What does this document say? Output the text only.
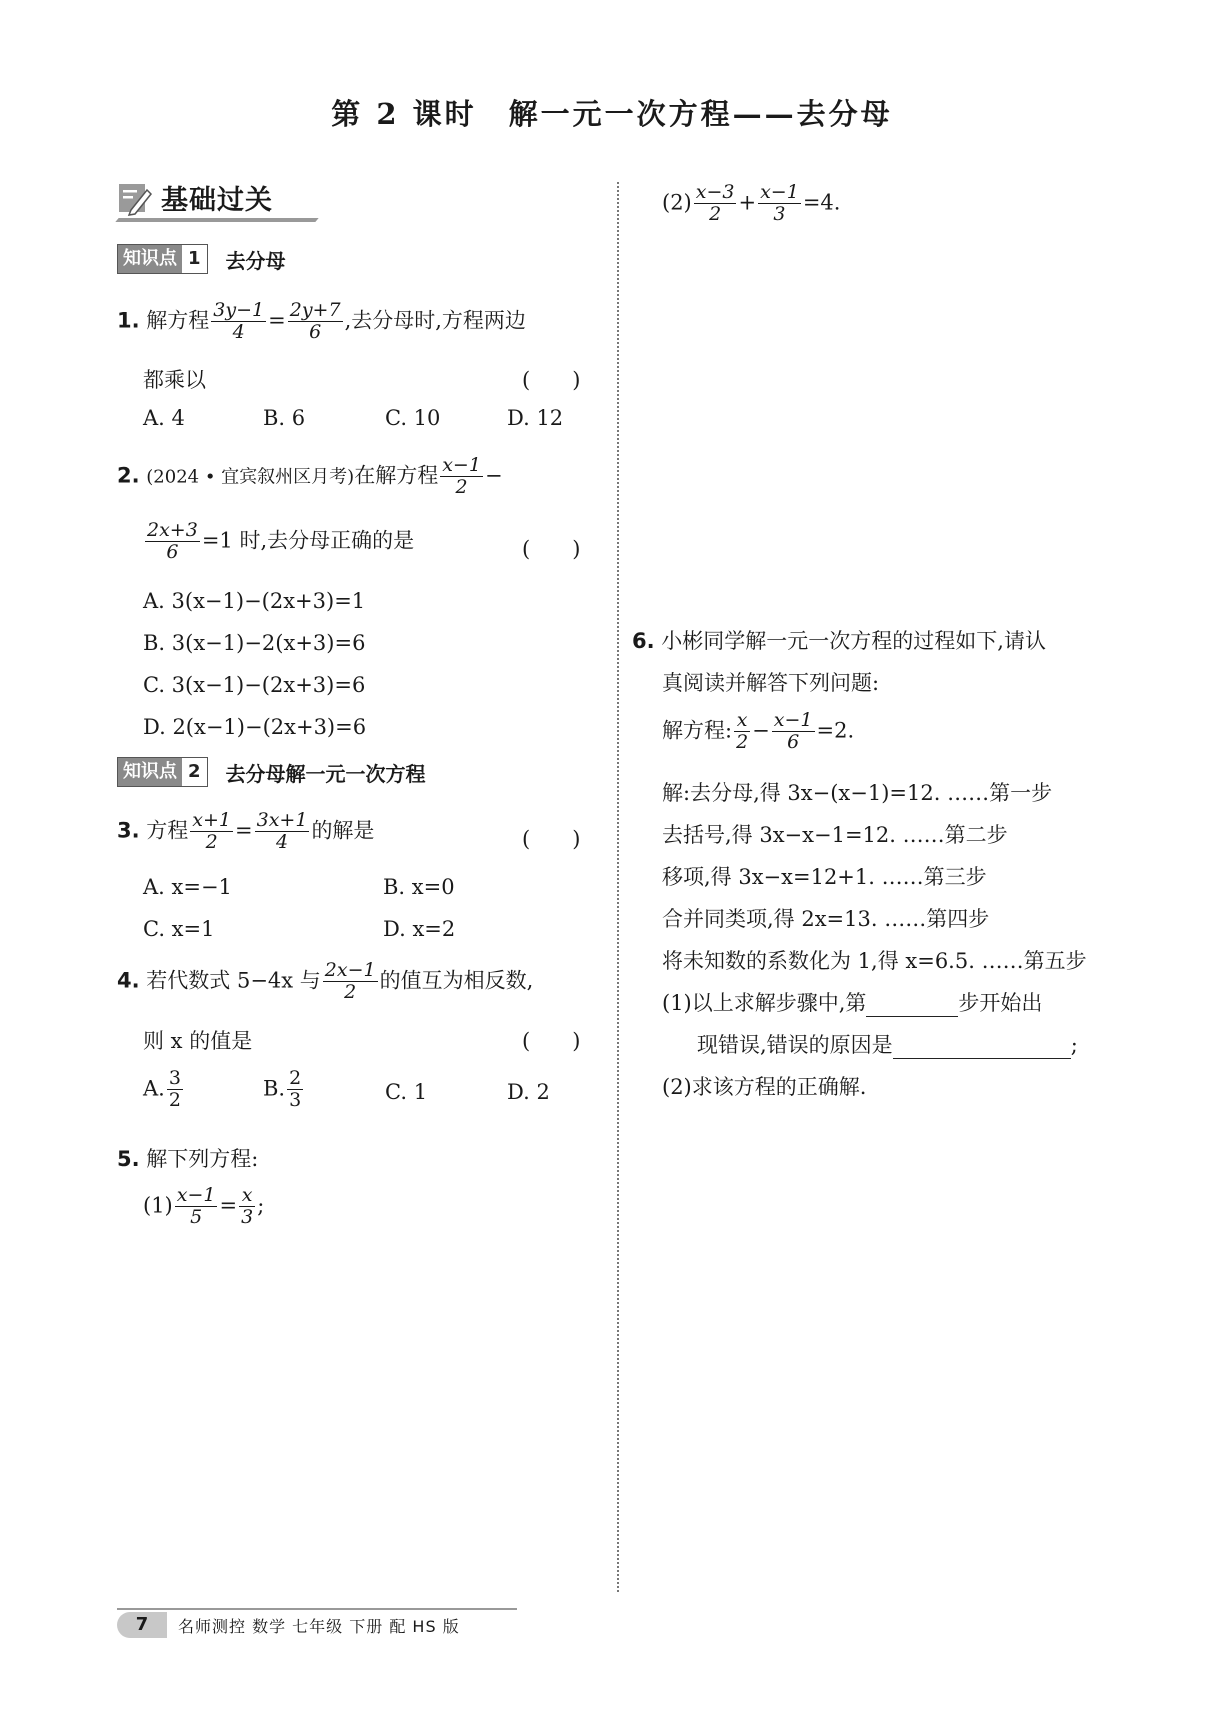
第 2 课时 解一元一次方程——去分母
基础过关
知识点 1	去分母
1. 解方程 $\frac{3y-1}{4} = \frac{2y+7}{6}$ ,去分母时,方程两边
都乘以	(　　)
A. 4	B. 6	C. 10	D. 12
2. (2024 • 宜宾叙州区月考)在解方程 $\frac{x-1}{2}$ −
$\frac{2x+3}{6} =1$ 时,去分母正确的是	(　　)
A. 3(x−1)−(2x+3)=1
B. 3(x−1)−2(x+3)=6
C. 3(x−1)−(2x+3)=6
D. 2(x−1)−(2x+3)=6
知识点 2	去分母解一元一次方程
3. 方程 $\frac{x+1}{2} = \frac{3x+1}{4}$ 的解是	(　　)
A. x=−1	B. x=0
C. x=1	D. x=2
4. 若代数式 5−4x 与 $\frac{2x-1}{2}$ 的值互为相反数,
则 x 的值是	(　　)
A. $\frac{3}{2}$	B. $\frac{2}{3}$	C. 1	D. 2
5. 解下列方程:
$(1) \frac{x-1}{5} = \frac{x}{3}$ ;
$(2) \frac{x-3}{2} + \frac{x-1}{3} =4$.
6. 小彬同学解一元一次方程的过程如下,请认
真阅读并解答下列问题:
解方程: $\frac{x}{2} - \frac{x-1}{6} =2$.
解:去分母,得 3x−(x−1)=12. ……第一步
去括号,得 3x−x−1=12. ……第二步
移项,得 3x−x=12+1. ……第三步
合并同类项,得 2x=13. ……第四步
将未知数的系数化为 1,得 x=6.5. ……第五步
(1)以上求解步骤中,第	步开始出
现错误,错误的原因是	;
(2)求该方程的正确解.
7	名师测控 数学 七年级 下册 配 HS 版
